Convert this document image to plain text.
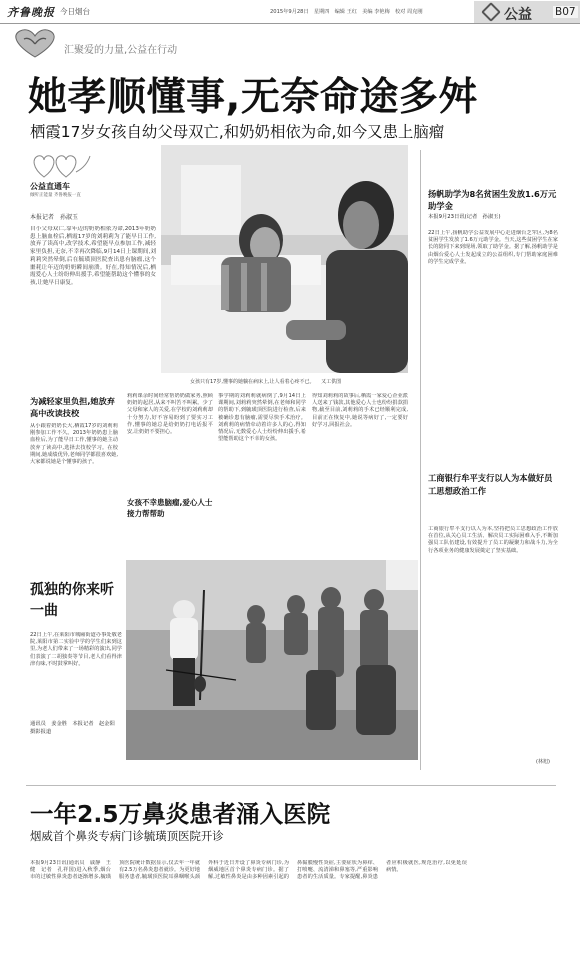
齐鲁晚报 今日烟台	2015年9月28日　星期四　编辑 王红　美编 李艳梅　校对 周克刚	公益 B07
汇聚爱的力量,公益在行动
她孝顺懂事,无奈命途多舛
栖霞17岁女孩自幼父母双亡,和奶奶相依为命,如今又患上脑瘤
公益直通车
倾听正能量 齐鲁晚报一直
本报记者　孙淑玉
自小父母双亡,靠年迈的奶奶相依为命,2013年奶奶患上脑血栓后,栖霞17岁的刘莉莉为了能早日工作,放弃了读高中,改学技术,希望能早点参加工作,减轻家里负担,无奈,不幸再次降临,9月14日上课期间,刘莉莉突然晕倒,后在毓璜顶医院查出患有脑瘤,这个噩耗让年迈的奶奶瞬间崩溃。好在,得知情况后,栖霞爱心人士纷纷伸出援手,希望能帮助这个懂事的女孩,让她早日康复。
女孩只有17岁,懂事的她躺在病床上,让人看着心疼不已。 　又工供图
为减轻家里负担,她放弃高中改读技校
从小跟着奶奶长大,栖霞17岁的刘莉莉刚参加工作不久。2013年奶奶患上脑血栓后,为了能早日工作,懂事的她主动放弃了读高中,选择去技校学习。在校期间,她成绩优异,老师同学都很喜欢她,大家都说她是个懂事的孩子。
莉莉课余时间经常帮奶奶做家务,照顾奶奶的起居,从来不叫苦不叫累。少了父母和家人的关爱,在学校的刘莉莉却十分努力,好不容易盼到了要实习工作,懂事的她总是给奶奶打电话报平安,让奶奶不要担心。
女孩不幸患脑瘤,爱心人士接力帮帮助
事学期的刘莉莉就病倒了,9月14日上课期间,刘莉莉突然晕倒,在老师和同学的帮助下,到毓璜顶医院进行检查,后来被确诊患有脑瘤,需要尽快手术治疗。刘莉莉的病情牵动着许多人的心,得知情况后,无数爱心人士纷纷伸出援手,希望能帮助这个不幸的女孩。
得知刘莉莉的故事后,栖霞一家爱心企业派人送来了钱款,其他爱心人士也纷纷捐款捐物,截至目前,刘莉莉的手术已经顺利完成,目前正在恢复中,她说等病好了,一定要好好学习,回报社会。
孤独的你来听一曲
22日上午,在莱阳市城厢街道办事处敬老院,莱阳市第二实验中学的学生们来到这里,为老人们带来了一场精彩的演出,同学们表演了二胡独奏等节目,老人们看得津津有味,不时鼓掌叫好。
通讯员　姜金胜　本报记者　赵金阳　摄影报道
扬帆助学为8名贫困生发放1.6万元助学金
本报9月23日讯(记者　孙淑玉)
22日上午,扬帆助学公益发展中心走进烟台芝罘区,为8名贫困学生发放了1.6万元助学金。当天,这些贫困学生在家长的陪同下来到现场,领取了助学金。据了解,扬帆助学是由烟台爱心人士发起成立的公益组织,专门帮助家庭困难的学生完成学业。
工商银行牟平支行以人为本做好员工思想政治工作
工商银行牟平支行以人为本,坚持把员工思想政治工作放在首位,从关心员工生活、解决员工实际困难入手,不断加强员工队伍建设,有效提升了员工的凝聚力和战斗力,为全行各项业务的健康发展奠定了坚实基础。
(林旭)
一年2.5万鼻炎患者涌入医院
烟威首个鼻炎专病门诊毓璜顶医院开诊
本报9月23日讯(通讯员　戚静　王健　记者　孔祥国)进入秋季,烟台市的过敏性鼻炎患者逐渐增多,毓璜顶医院统计数据显示,仅去年一年就有2.5万名鼻炎患者就诊。为更好地服务患者,毓璜顶医院耳鼻咽喉头颈外科于近日开设了鼻炎专病门诊,为烟威地区首个鼻炎专病门诊。据了解,过敏性鼻炎是由多种因素引起的鼻黏膜慢性炎症,主要症状为鼻痒、打喷嚏、流清涕和鼻塞等,严重影响患者的生活质量。专家提醒,鼻炎患者应积极就医,规范治疗,以免延误病情。
